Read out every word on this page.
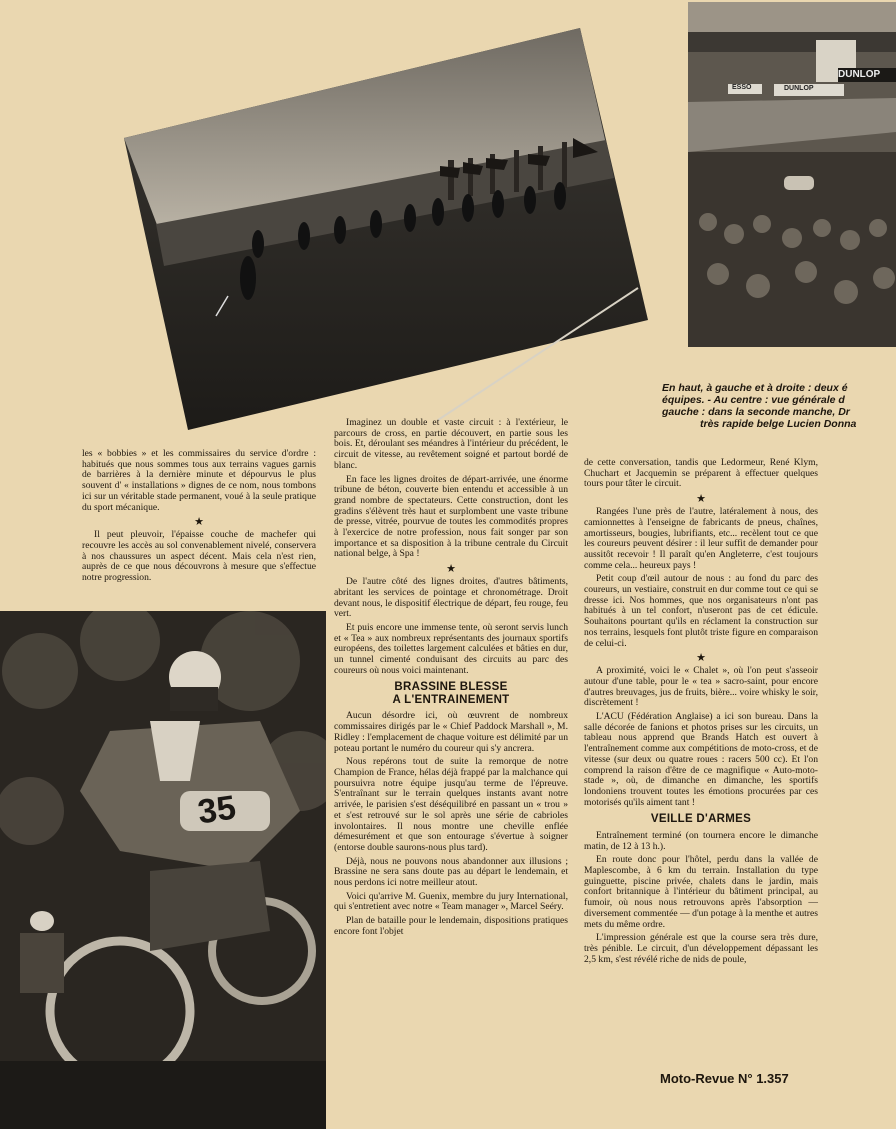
DUNLOP
ESSO	DUNLOP
35
En haut, à gauche et à droite : deux é
équipes. - Au centre : vue générale d
gauche : dans la seconde manche, Dr
très rapide belge Lucien Donna

les « bobbies » et les commissaires du service d'ordre : habitués que nous sommes tous aux terrains vagues garnis de barrières à la dernière minute et dépourvus le plus souvent d' « installations » dignes de ce nom, nous tombons ici sur un véritable stade permanent, voué à la seule pratique du sport mécanique.

★

Il peut pleuvoir, l'épaisse couche de machefer qui recouvre les accès au sol convenablement nivelé, conservera à nos chaussures un aspect décent. Mais cela n'est rien, auprès de ce que nous découvrons à mesure que s'effectue notre progression.

Imaginez un double et vaste circuit : à l'extérieur, le parcours de cross, en partie découvert, en partie sous les bois. Et, déroulant ses méandres à l'intérieur du précédent, le circuit de vitesse, au revêtement soigné et partout bordé de blanc.

En face les lignes droites de départ-arrivée, une énorme tribune de béton, couverte bien entendu et accessible à un grand nombre de spectateurs. Cette construction, dont les gradins s'élèvent très haut et surplombent une vaste tribune de presse, vitrée, pourvue de toutes les commodités propres à l'exercice de notre profession, nous fait songer par son importance et sa disposition à la tribune centrale du Circuit national belge, à Spa !

★

De l'autre côté des lignes droites, d'autres bâtiments, abritant les services de pointage et chronométrage. Droit devant nous, le dispositif électrique de départ, feu rouge, feu vert.

Et puis encore une immense tente, où seront servis lunch et « Tea » aux nombreux représentants des journaux sportifs européens, des toilettes largement calculées et bâties en dur, un tunnel cimenté conduisant des circuits au parc des coureurs où nous voici maintenant.

BRASSINE BLESSE
A L'ENTRAINEMENT

Aucun désordre ici, où œuvrent de nombreux commissaires dirigés par le « Chief Paddock Marshall », M. Ridley : l'emplacement de chaque voiture est délimité par un poteau portant le numéro du coureur qui s'y ancrera.

Nous repérons tout de suite la remorque de notre Champion de France, hélas déjà frappé par la malchance qui poursuivra notre équipe jusqu'au terme de l'épreuve. S'entraînant sur le terrain quelques instants avant notre arrivée, le parisien s'est déséquilibré en passant un « trou » et s'est retrouvé sur le sol après une série de cabrioles involontaires. Il nous montre une cheville enflée démesurément et que son entourage s'évertue à soigner (entorse double saurons-nous plus tard).

Déjà, nous ne pouvons nous abandonner aux illusions ; Brassine ne sera sans doute pas au départ le lendemain, et nous perdons ici notre meilleur atout.

Voici qu'arrive M. Guenix, membre du jury International, qui s'entretient avec notre « Team manager », Marcel Seéry.

Plan de bataille pour le lendemain, dispositions pratiques encore font l'objet

de cette conversation, tandis que Ledormeur, René Klym, Chuchart et Jacquemin se préparent à effectuer quelques tours pour tâter le circuit.

★

Rangées l'une près de l'autre, latéralement à nous, des camionnettes à l'enseigne de fabricants de pneus, chaînes, amortisseurs, bougies, lubrifiants, etc... recèlent tout ce que les coureurs peuvent désirer : il leur suffit de demander pour aussitôt recevoir ! Il paraît qu'en Angleterre, c'est toujours comme cela... heureux pays !

Petit coup d'œil autour de nous : au fond du parc des coureurs, un vestiaire, construit en dur comme tout ce qui se dresse ici. Nos hommes, que nos organisateurs n'ont pas habitués à un tel confort, n'useront pas de cet édicule. Souhaitons pourtant qu'ils en réclament la construction sur nos terrains, lesquels font plutôt triste figure en comparaison de celui-ci.

★

A proximité, voici le « Chalet », où l'on peut s'asseoir autour d'une table, pour le « tea » sacro-saint, pour encore d'autres breuvages, jus de fruits, bière... voire whisky le soir, discrètement !

L'ACU (Fédération Anglaise) a ici son bureau. Dans la salle décorée de fanions et photos prises sur les circuits, un tableau nous apprend que Brands Hatch est ouvert à l'entraînement comme aux compétitions de moto-cross, et de vitesse (sur deux ou quatre roues : racers 500 cc). Et l'on comprend la raison d'être de ce magnifique « Auto-moto-stade », où, de dimanche en dimanche, les sportifs londoniens trouvent toutes les émotions procurées par ces motorisés qu'ils aiment tant !

VEILLE D'ARMES

Entraînement terminé (on tournera encore le dimanche matin, de 12 à 13 h.).

En route donc pour l'hôtel, perdu dans la vallée de Maplescombe, à 6 km du terrain. Installation du type guinguette, piscine privée, chalets dans le jardin, mais confort britannique à l'intérieur du bâtiment principal, au fumoir, où nous nous retrouvons après l'absorption — diversement commentée — d'un potage à la menthe et autres mets du même ordre.

L'impression générale est que la course sera très dure, très pénible. Le circuit, d'un développement dépassant les 2,5 km, s'est révélé riche de nids de poule,

Moto-Revue N° 1.357
